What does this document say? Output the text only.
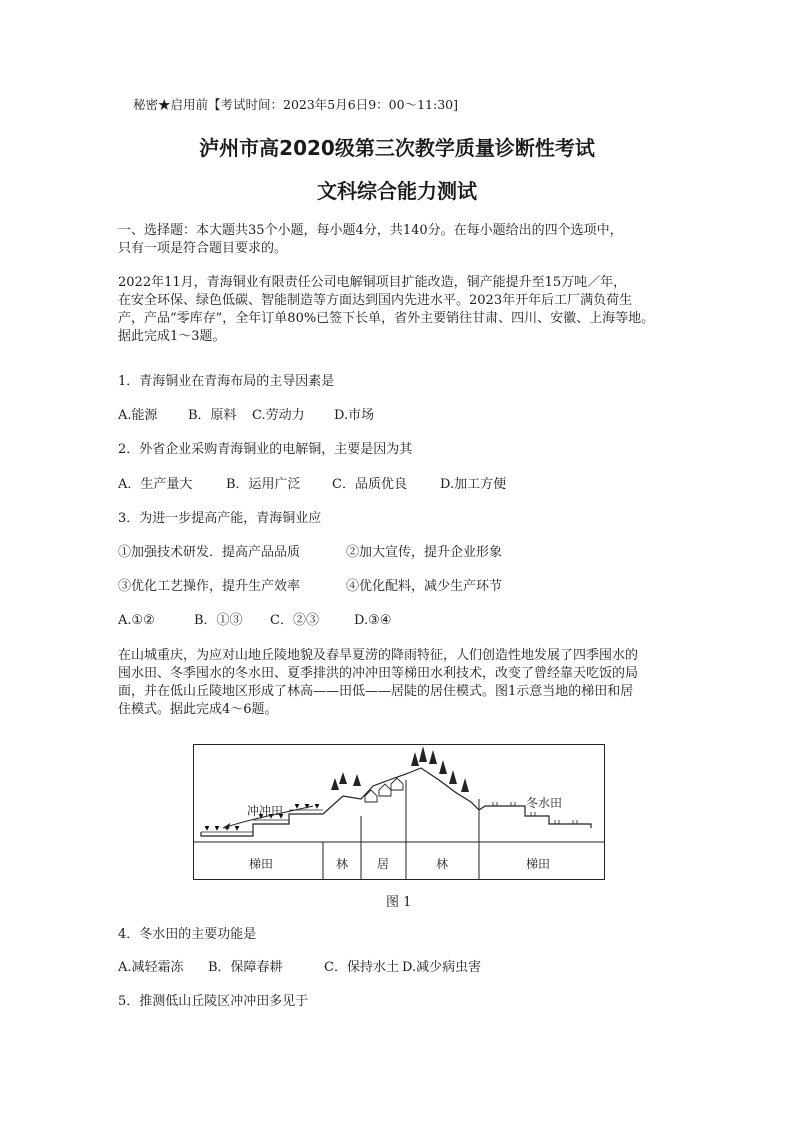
秘密★启用前【考试时间：2023年5月6日9：00～11:30]
泸州市高2020级第三次教学质量诊断性考试
文科综合能力测试
一、选择题：本大题共35个小题，每小题4分，共140分。在每小题给出的四个选项中，
只有一项是符合题目要求的。
2022年11月，青海铜业有限责任公司电解铜项目扩能改造，铜产能提升至15万吨／年，
在安全环保、绿色低碳、智能制造等方面达到国内先进水平。2023年开年后工厂满负荷生
产，产品“零库存”，全年订单80%已签下长单，省外主要销往甘肃、四川、安徽、上海等地。
据此完成1～3题。
1．青海铜业在青海布局的主导因素是
A.能源 B．原料 C.劳动力 D.市场
2．外省企业采购青海铜业的电解铜，主要是因为其
A．生产量大	B．运用广泛 C．品质优良	D.加工方便
3．为进一步提高产能，青海铜业应
①加强技术研发．提高产品品质	②加大宣传，提升企业形象
③优化工艺操作，提升生产效率	④优化配料，减少生产环节
A.①②	B．①③ C．②③	D.③④
在山城重庆，为应对山地丘陵地貌及春旱夏涝的降雨特征，人们创造性地发展了四季囤水的
囤水田、冬季囤水的冬水田、夏季排洪的冲冲田等梯田水利技术，改变了曾经靠天吃饭的局
面，并在低山丘陵地区形成了林高——田低——居陡的居住模式。图1示意当地的梯田和居
住模式。据此完成4～6题。
冲冲田
冬水田
梯田	林 居	林	梯田
图 1
4．冬水田的主要功能是
A.减轻霜冻 B．保障春耕	C．保持水土 D.减少病虫害
5．推测低山丘陵区冲冲田多见于
